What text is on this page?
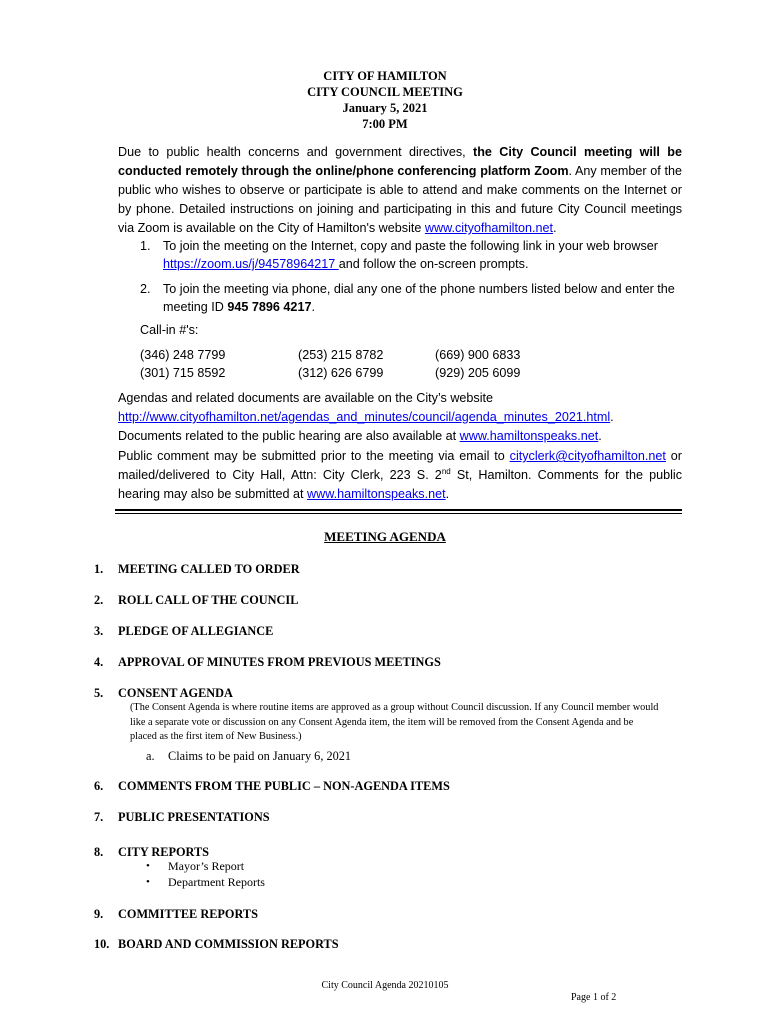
CITY OF HAMILTON
CITY COUNCIL MEETING
January 5, 2021
7:00 PM

Due to public health concerns and government directives, the City Council meeting will be conducted remotely through the online/phone conferencing platform Zoom. Any member of the public who wishes to observe or participate is able to attend and make comments on the Internet or by phone. Detailed instructions on joining and participating in this and future City Council meetings via Zoom is available on the City of Hamilton's website www.cityofhamilton.net.

1. To join the meeting on the Internet, copy and paste the following link in your web browser
https://zoom.us/j/94578964217 and follow the on-screen prompts.
2. To join the meeting via phone, dial any one of the phone numbers listed below and enter the meeting ID 945 7896 4217.
Call-in #'s:
(346) 248 7799
(301) 715 8592
(253) 215 8782
(312) 626 6799
(669) 900 6833
(929) 205 6099

Agendas and related documents are available on the City’s website
http://www.cityofhamilton.net/agendas_and_minutes/council/agenda_minutes_2021.html.
Documents related to the public hearing are also available at www.hamiltonspeaks.net.

Public comment may be submitted prior to the meeting via email to cityclerk@cityofhamilton.net or mailed/delivered to City Hall, Attn: City Clerk, 223 S. 2nd St, Hamilton. Comments for the public hearing may also be submitted at www.hamiltonspeaks.net.

MEETING AGENDA
1. MEETING CALLED TO ORDER
2. ROLL CALL OF THE COUNCIL
3. PLEDGE OF ALLEGIANCE
4. APPROVAL OF MINUTES FROM PREVIOUS MEETINGS
5. CONSENT AGENDA
(The Consent Agenda is where routine items are approved as a group without Council discussion. If any Council member would like a separate vote or discussion on any Consent Agenda item, the item will be removed from the Consent Agenda and be placed as the first item of New Business.)
a. Claims to be paid on January 6, 2021
6. COMMENTS FROM THE PUBLIC – NON-AGENDA ITEMS
7. PUBLIC PRESENTATIONS
8. CITY REPORTS
• Mayor’s Report
• Department Reports
9. COMMITTEE REPORTS
10. BOARD AND COMMISSION REPORTS
City Council Agenda 20210105
Page 1 of 2
